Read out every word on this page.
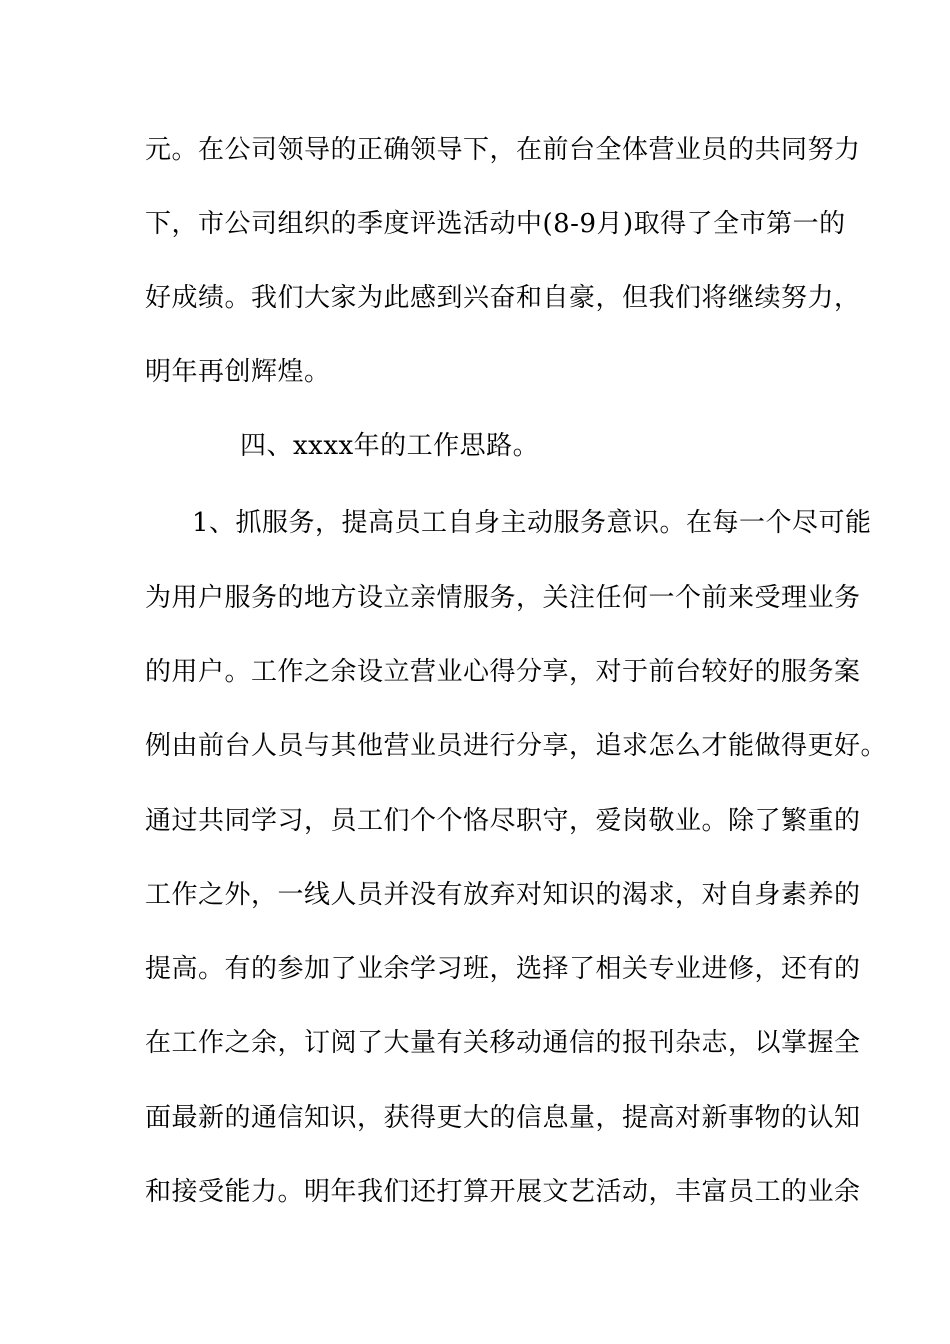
元。在公司领导的正确领导下，在前台全体营业员的共同努力
下，市公司组织的季度评选活动中(8-9月)取得了全市第一的
好成绩。我们大家为此感到兴奋和自豪，但我们将继续努力，
明年再创辉煌。
四、xxxx年的工作思路。
1、抓服务，提高员工自身主动服务意识。在每一个尽可能
为用户服务的地方设立亲情服务，关注任何一个前来受理业务
的用户。工作之余设立营业心得分享，对于前台较好的服务案
例由前台人员与其他营业员进行分享，追求怎么才能做得更好。
通过共同学习，员工们个个恪尽职守，爱岗敬业。除了繁重的
工作之外，一线人员并没有放弃对知识的渴求，对自身素养的
提高。有的参加了业余学习班，选择了相关专业进修，还有的
在工作之余，订阅了大量有关移动通信的报刊杂志，以掌握全
面最新的通信知识，获得更大的信息量，提高对新事物的认知
和接受能力。明年我们还打算开展文艺活动，丰富员工的业余
